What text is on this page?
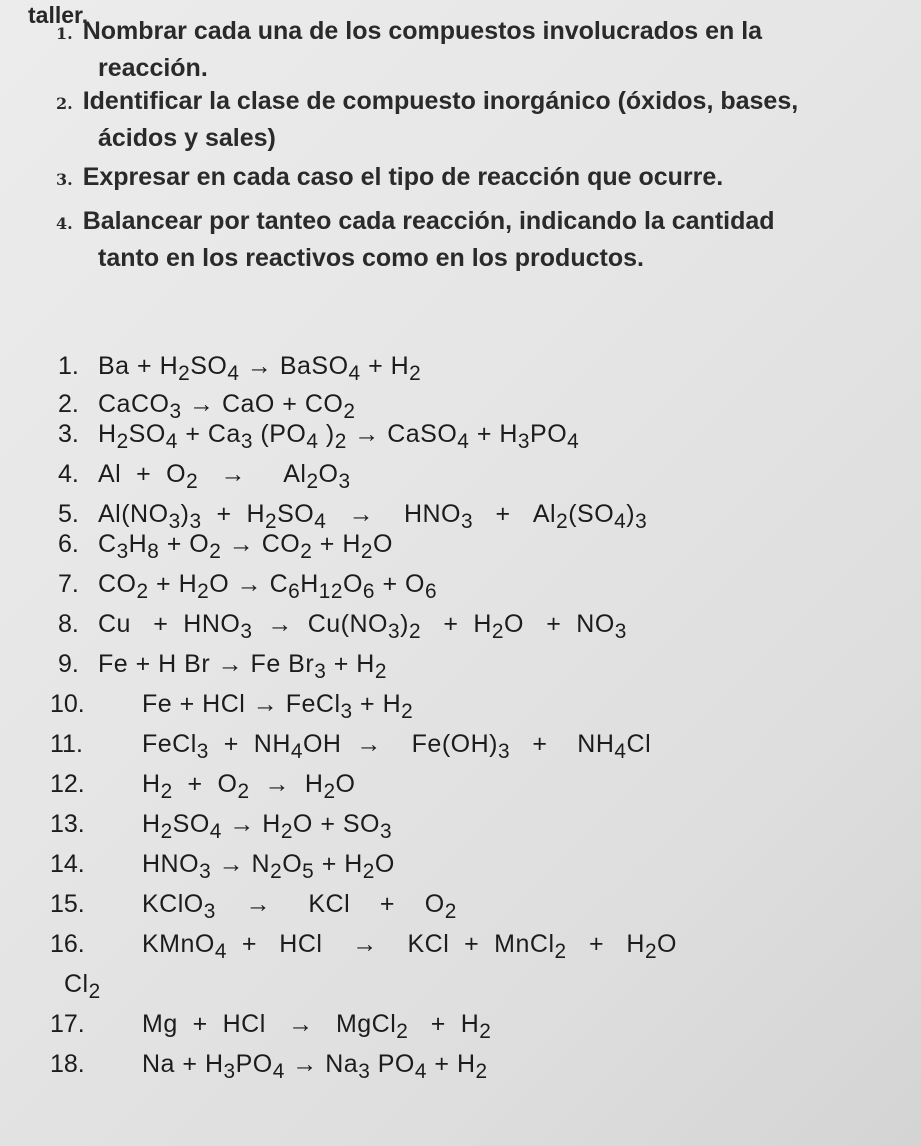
taller.
1. Nombrar cada una de los compuestos involucrados en la
reacción.
2. Identificar la clase de compuesto inorgánico (óxidos, bases,
ácidos y sales)
3. Expresar en cada caso el tipo de reacción que ocurre.
4. Balancear por tanteo cada reacción, indicando la cantidad
tanto en los reactivos como en los productos.
1. $Ba + H_2SO_4$ → BaSO$_4$ + $H_2$
2. CaCO$_3$ → CaO + $CO_2$
3. $H_2SO_4 + Ca_3$ ($PO_4$ )$_2$ → CaSO$_4$ + $H_3PO_4$
4. $Al + O_2$   →     $Al_2O_3$
5. $Al(NO_3)_3 + H_2SO_4$   →    $HNO_3 + Al_2(SO_4)_3$
6. $C_3H_8 + O_2 \to CO_2 + H_2O$
7. $CO_2 + H_2O \to C_6H_{12}O_6 + O_6$
8. $Cu + HNO_3 \to Cu(NO_3)_2 + H_2O + NO_3$
9. Fe + H Br → Fe $Br_3 + H_2$
10. Fe + HCl → FeCl$_3$ + $H_2$
11. FeCl$_3$  +  $NH_4OH$  →    $Fe(OH)_3$   +    $NH_4Cl$
12. $H_2 + O_2 \to H_2O$
13. $H_2SO_4 \to H_2O + SO_3$
14. $HNO_3 \to N_2O_5 + H_2O$
15. KClO$_3$    →     KCl    +    $O_2$
16. KMnO$_4$  +   HCl    →    KCl  +  MnCl$_2$   +   $H_2O$
$Cl_2$
17. Mg  +  HCl   →   MgCl$_2$   +  $H_2$
18. $Na + H_3PO_4 \to Na_3$ $PO_4 + H_2$
